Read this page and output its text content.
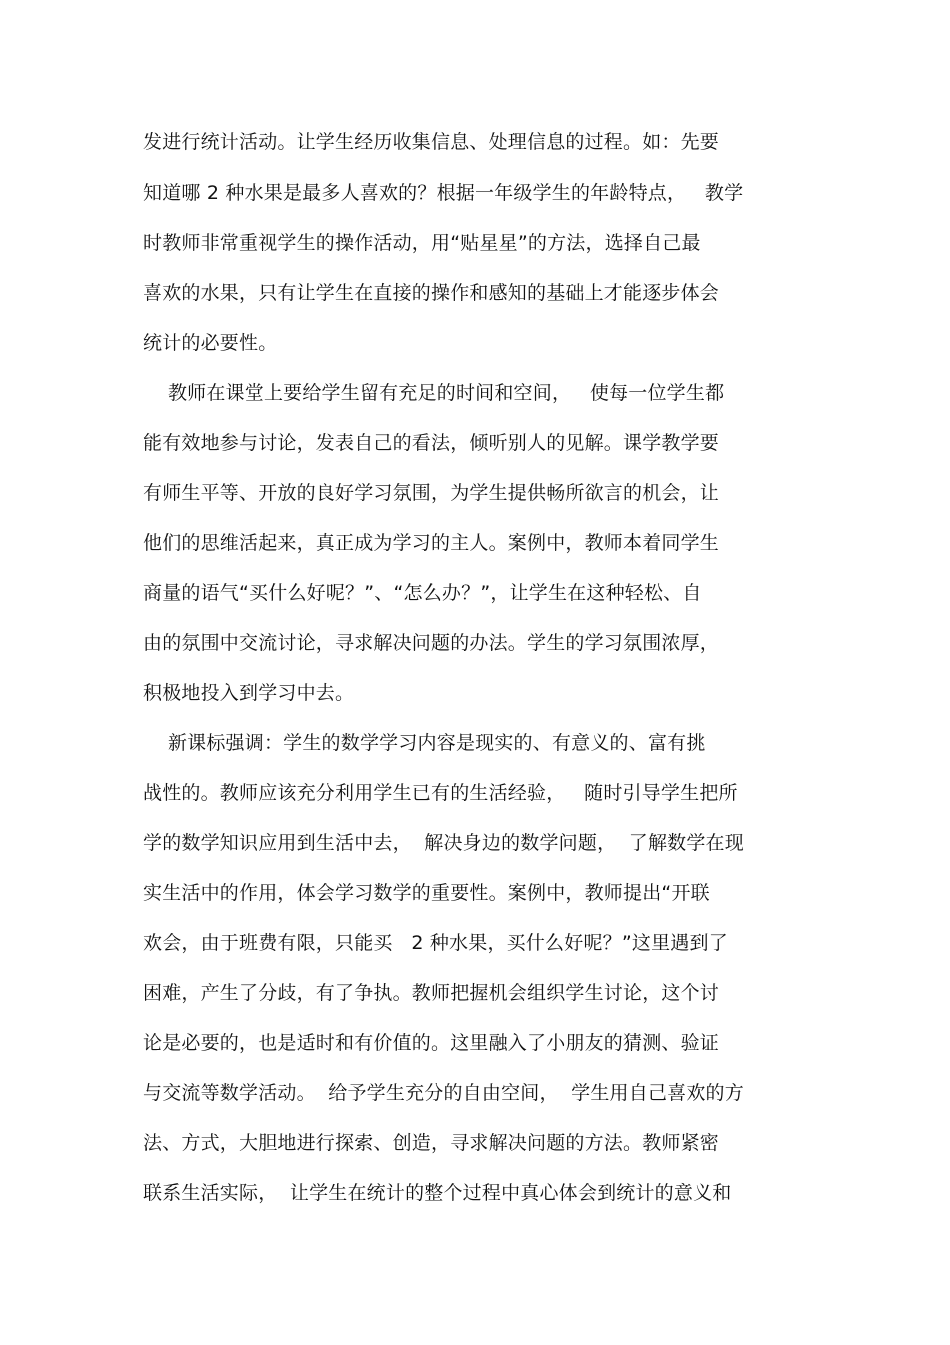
发进行统计活动。让学生经历收集信息、处理信息的过程。如：先要
知道哪 2 种水果是最多人喜欢的？根据一年级学生的年龄特点，   教学
时教师非常重视学生的操作活动，用“贴星星”的方法，选择自己最
喜欢的水果，只有让学生在直接的操作和感知的基础上才能逐步体会
统计的必要性。
教师在课堂上要给学生留有充足的时间和空间，   使每一位学生都
能有效地参与讨论，发表自己的看法，倾听别人的见解。课学教学要
有师生平等、开放的良好学习氛围，为学生提供畅所欲言的机会，让
他们的思维活起来，真正成为学习的主人。案例中，教师本着同学生
商量的语气“买什么好呢？”、“怎么办？”，让学生在这种轻松、自
由的氛围中交流讨论，寻求解决问题的办法。学生的学习氛围浓厚，
积极地投入到学习中去。
新课标强调：学生的数学学习内容是现实的、有意义的、富有挑
战性的。教师应该充分利用学生已有的生活经验，   随时引导学生把所
学的数学知识应用到生活中去，  解决身边的数学问题，  了解数学在现
实生活中的作用，体会学习数学的重要性。案例中，教师提出“开联
欢会，由于班费有限，只能买   2 种水果，买什么好呢？”这里遇到了
困难，产生了分歧，有了争执。教师把握机会组织学生讨论，这个讨
论是必要的，也是适时和有价值的。这里融入了小朋友的猜测、验证
与交流等数学活动。  给予学生充分的自由空间，  学生用自己喜欢的方
法、方式，大胆地进行探索、创造，寻求解决问题的方法。教师紧密
联系生活实际，  让学生在统计的整个过程中真心体会到统计的意义和
